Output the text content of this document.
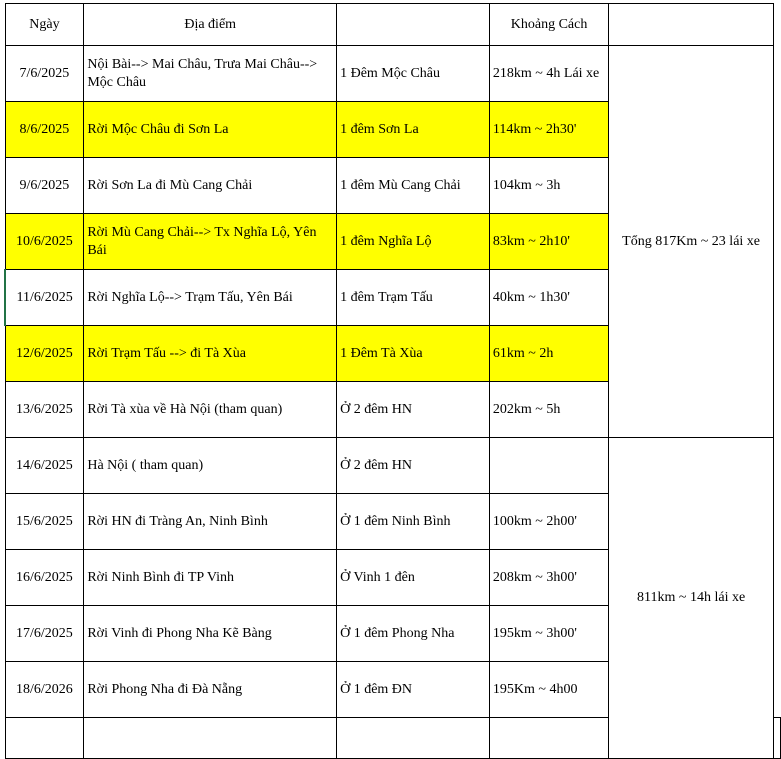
Ngày	Địa điểm		Khoảng Cách		
7/6/2025	Nội Bài--> Mai Châu, Trưa Mai Châu--> Mộc Châu	1 Đêm Mộc Châu	218km ~ 4h Lái xe	Tổng 817Km ~ 23 lái xe	
8/6/2025	Rời Mộc Châu đi Sơn La	1 đêm Sơn La	114km ~ 2h30'		
9/6/2025	Rời Sơn La đi Mù Cang Chải	1 đêm Mù Cang Chải	104km ~ 3h		
10/6/2025	Rời Mù Cang Chải--> Tx Nghĩa Lộ, Yên Bái	1 đêm Nghĩa Lộ	83km ~ 2h10'		
11/6/2025	Rời Nghĩa Lộ--> Trạm Tấu, Yên Bái	1 đêm Trạm Tấu	40km ~ 1h30'		
12/6/2025	Rời Trạm Tấu --> đi Tà Xùa	1 Đêm Tà Xùa	61km ~ 2h		
13/6/2025	Rời Tà xùa về Hà Nội (tham quan)	Ở 2 đêm HN	202km ~ 5h		
14/6/2025	Hà Nội ( tham quan)	Ở 2 đêm HN		811km ~ 14h lái xe	
15/6/2025	Rời HN đi Tràng An, Ninh Bình	Ở 1 đêm Ninh Bình	100km ~ 2h00'		
16/6/2025	Rời Ninh Bình đi TP Vinh	Ở Vinh 1 đên	208km ~ 3h00'		
17/6/2025	Rời Vinh đi Phong Nha Kẽ Bàng	Ở 1 đêm Phong Nha	195km ~ 3h00'		
18/6/2026	Rời Phong Nha đi Đà Nẵng	Ở 1 đêm ĐN	195Km ~ 4h00		
